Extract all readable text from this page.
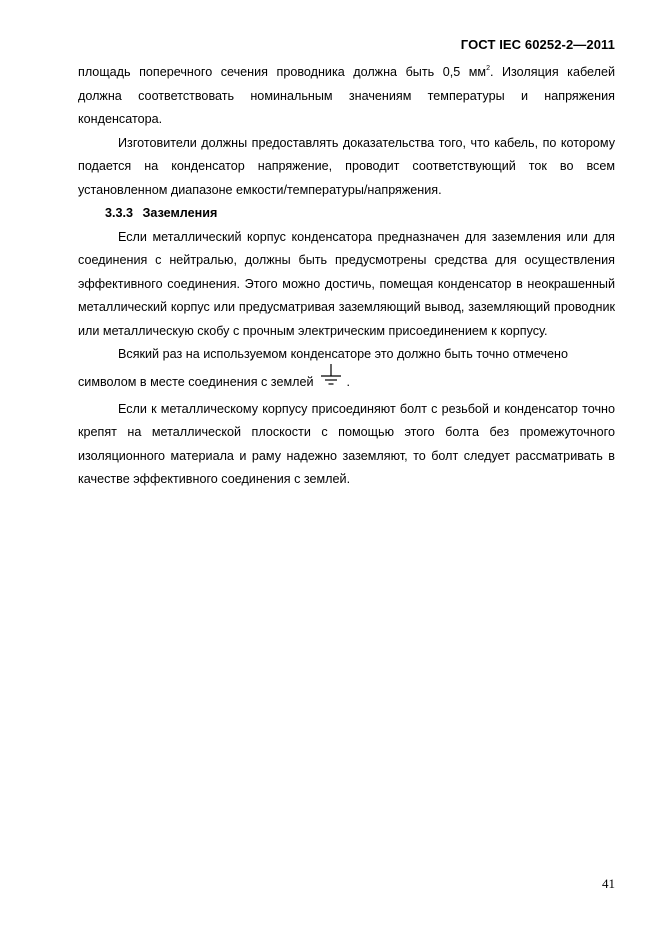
ГОСТ IEC 60252-2—2011

площадь поперечного сечения проводника должна быть 0,5 $мм^2$. Изоляция кабелей должна соответствовать номинальным значениям температуры и напряжения конденсатора.

Изготовители должны предоставлять доказательства того, что кабель, по которому подается на конденсатор напряжение, проводит соответствующий ток во всем установленном диапазоне емкости/температуры/напряжения.

3.3.3 Заземления

Если металлический корпус конденсатора предназначен для заземления или для соединения с нейтралью, должны быть предусмотрены средства для осуществления эффективного соединения. Этого можно достичь, помещая конденсатор в неокрашенный металлический корпус или предусматривая заземляющий вывод, заземляющий проводник или металлическую скобу с прочным электрическим присоединением к корпусу.

Всякий раз на используемом конденсаторе это должно быть точно отмечено

символом в месте соединения с землей	.

Если к металлическому корпусу присоединяют болт с резьбой и конденсатор точно крепят на металлической плоскости с помощью этого болта без промежуточного изоляционного материала и раму надежно заземляют, то болт следует рассматривать в качестве эффективного соединения с землей.

41
